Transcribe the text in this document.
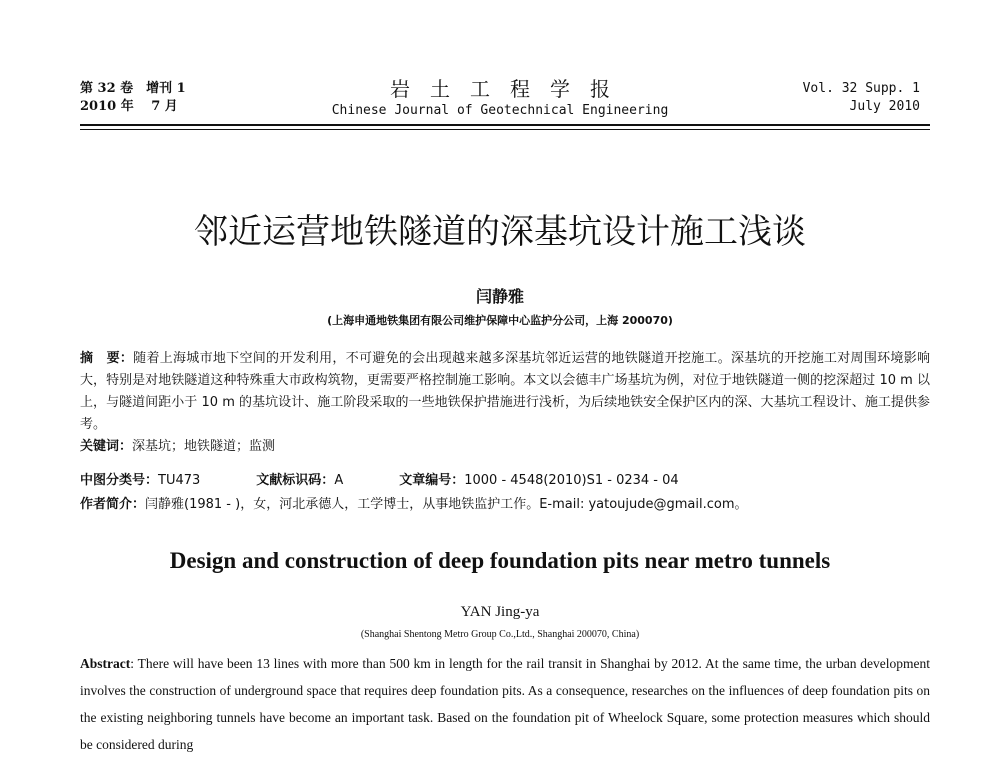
第 32 卷　增刊 1
2010 年　 7 月
岩土工程学报
Chinese Journal of Geotechnical Engineering
Vol. 32 Supp. 1
July 2010
邻近运营地铁隧道的深基坑设计施工浅谈
闫静雅
(上海申通地铁集团有限公司维护保障中心监护分公司，上海 200070)
摘　要：随着上海城市地下空间的开发利用，不可避免的会出现越来越多深基坑邻近运营的地铁隧道开挖施工。深基坑的开挖施工对周围环境影响大，特别是对地铁隧道这种特殊重大市政构筑物，更需要严格控制施工影响。本文以会德丰广场基坑为例，对位于地铁隧道一侧的挖深超过 10 m 以上，与隧道间距小于 10 m 的基坑设计、施工阶段采取的一些地铁保护措施进行浅析，为后续地铁安全保护区内的深、大基坑工程设计、施工提供参考。
关键词：深基坑；地铁隧道；监测
中图分类号：TU473	文献标识码：A	文章编号：1000 - 4548(2010)S1 - 0234 - 04
作者简介：闫静雅(1981 - )，女，河北承德人，工学博士，从事地铁监护工作。E-mail: yatoujude@gmail.com。
Design and construction of deep foundation pits near metro tunnels
YAN Jing-ya
(Shanghai Shentong Metro Group Co.,Ltd., Shanghai 200070, China)
Abstract: There will have been 13 lines with more than 500 km in length for the rail transit in Shanghai by 2012. At the same time, the urban development involves the construction of underground space that requires deep foundation pits. As a consequence, researches on the influences of deep foundation pits on the existing neighboring tunnels have become an important task. Based on the foundation pit of Wheelock Square, some protection measures which should be considered during
